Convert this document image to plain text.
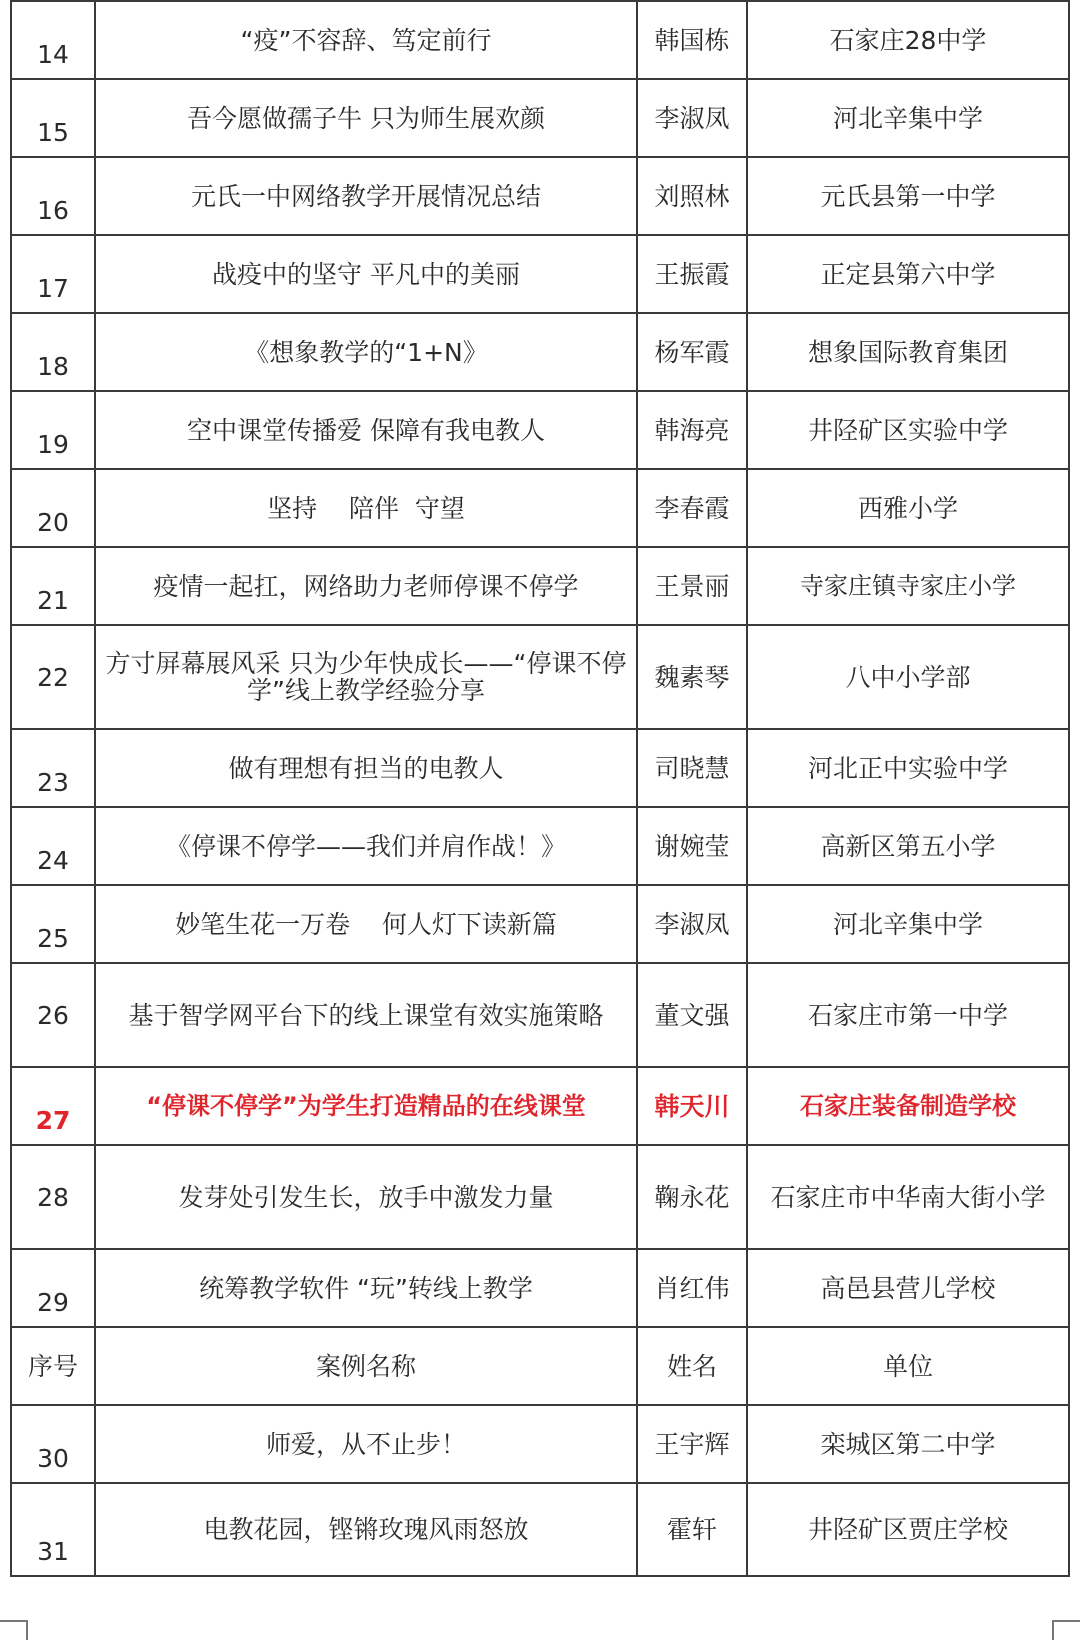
14	“疫”不容辞、笃定前行	韩国栋	石家庄28中学
15	吾今愿做孺子牛 只为师生展欢颜	李淑凤	河北辛集中学
16	元氏一中网络教学开展情况总结	刘照林	元氏县第一中学
17	战疫中的坚守 平凡中的美丽	王振霞	正定县第六中学
18	《想象教学的“1+N》	杨军霞	想象国际教育集团
19	空中课堂传播爱 保障有我电教人	韩海亮	井陉矿区实验中学
20	坚持    陪伴  守望	李春霞	西雅小学
21	疫情一起扛，网络助力老师停课不停学	王景丽	寺家庄镇寺家庄小学
22	方寸屏幕展风采 只为少年快成长——“停课不停学”线上教学经验分享	魏素琴	八中小学部
23	做有理想有担当的电教人	司晓慧	河北正中实验中学
24	《停课不停学——我们并肩作战！》	谢婉莹	高新区第五小学
25	妙笔生花一万卷    何人灯下读新篇	李淑凤	河北辛集中学
26	基于智学网平台下的线上课堂有效实施策略	董文强	石家庄市第一中学
27	“停课不停学”为学生打造精品的在线课堂	韩天川	石家庄装备制造学校
28	发芽处引发生长，放手中激发力量	鞠永花	石家庄市中华南大街小学
29	统筹教学软件 “玩”转线上教学	肖红伟	高邑县营儿学校
序号	案例名称	姓名	单位
30	师爱，从不止步！	王宇辉	栾城区第二中学
31	电教花园，铿锵玫瑰风雨怒放	霍轩	井陉矿区贾庄学校
